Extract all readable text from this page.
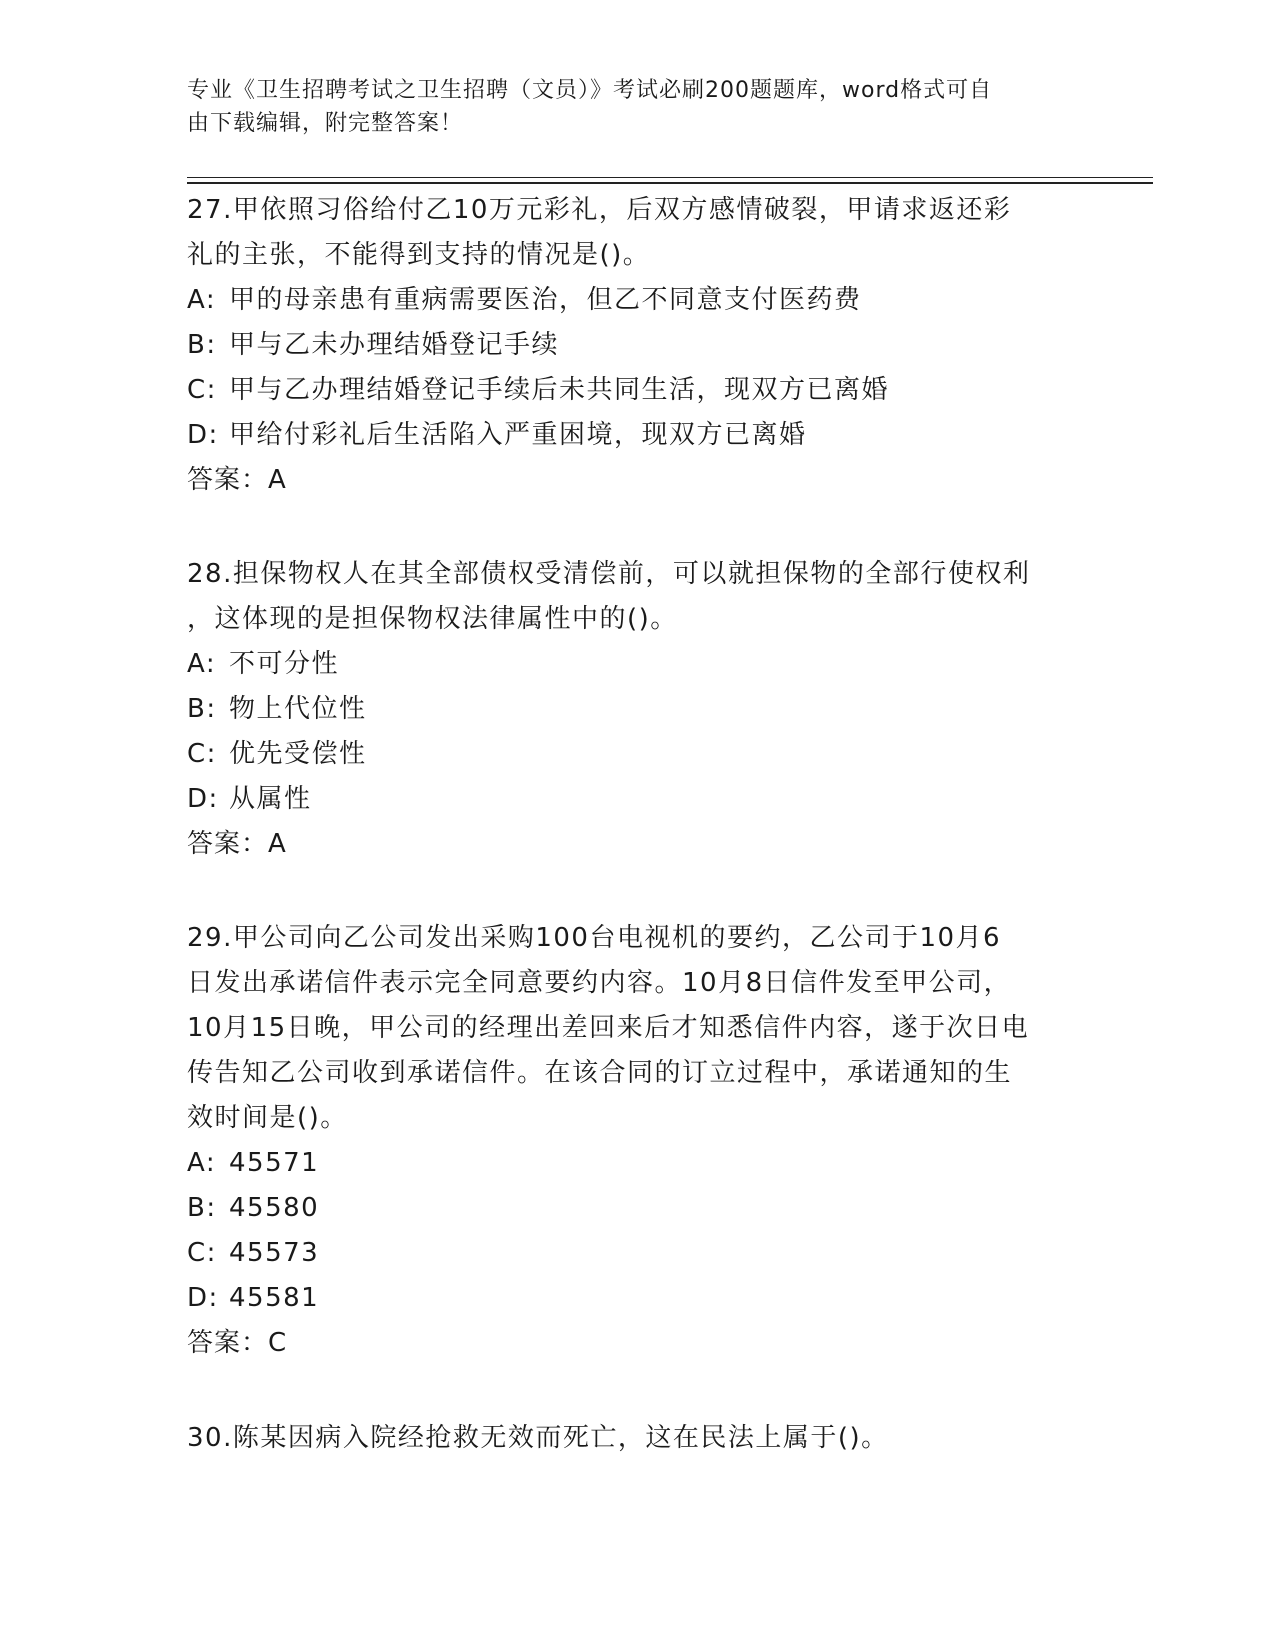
专业《卫生招聘考试之卫生招聘（文员）》考试必刷200题题库，word格式可自
由下载编辑，附完整答案！
27.甲依照习俗给付乙10万元彩礼，后双方感情破裂，甲请求返还彩
礼的主张，不能得到支持的情况是()。
A: 甲的母亲患有重病需要医治，但乙不同意支付医药费
B: 甲与乙未办理结婚登记手续
C: 甲与乙办理结婚登记手续后未共同生活，现双方已离婚
D: 甲给付彩礼后生活陷入严重困境，现双方已离婚
答案：A
28.担保物权人在其全部债权受清偿前，可以就担保物的全部行使权利
，这体现的是担保物权法律属性中的()。
A: 不可分性
B: 物上代位性
C: 优先受偿性
D: 从属性
答案：A
29.甲公司向乙公司发出采购100台电视机的要约，乙公司于10月6
日发出承诺信件表示完全同意要约内容。10月8日信件发至甲公司，
10月15日晚，甲公司的经理出差回来后才知悉信件内容，遂于次日电
传告知乙公司收到承诺信件。在该合同的订立过程中，承诺通知的生
效时间是()。
A: 45571
B: 45580
C: 45573
D: 45581
答案：C
30.陈某因病入院经抢救无效而死亡，这在民法上属于()。
